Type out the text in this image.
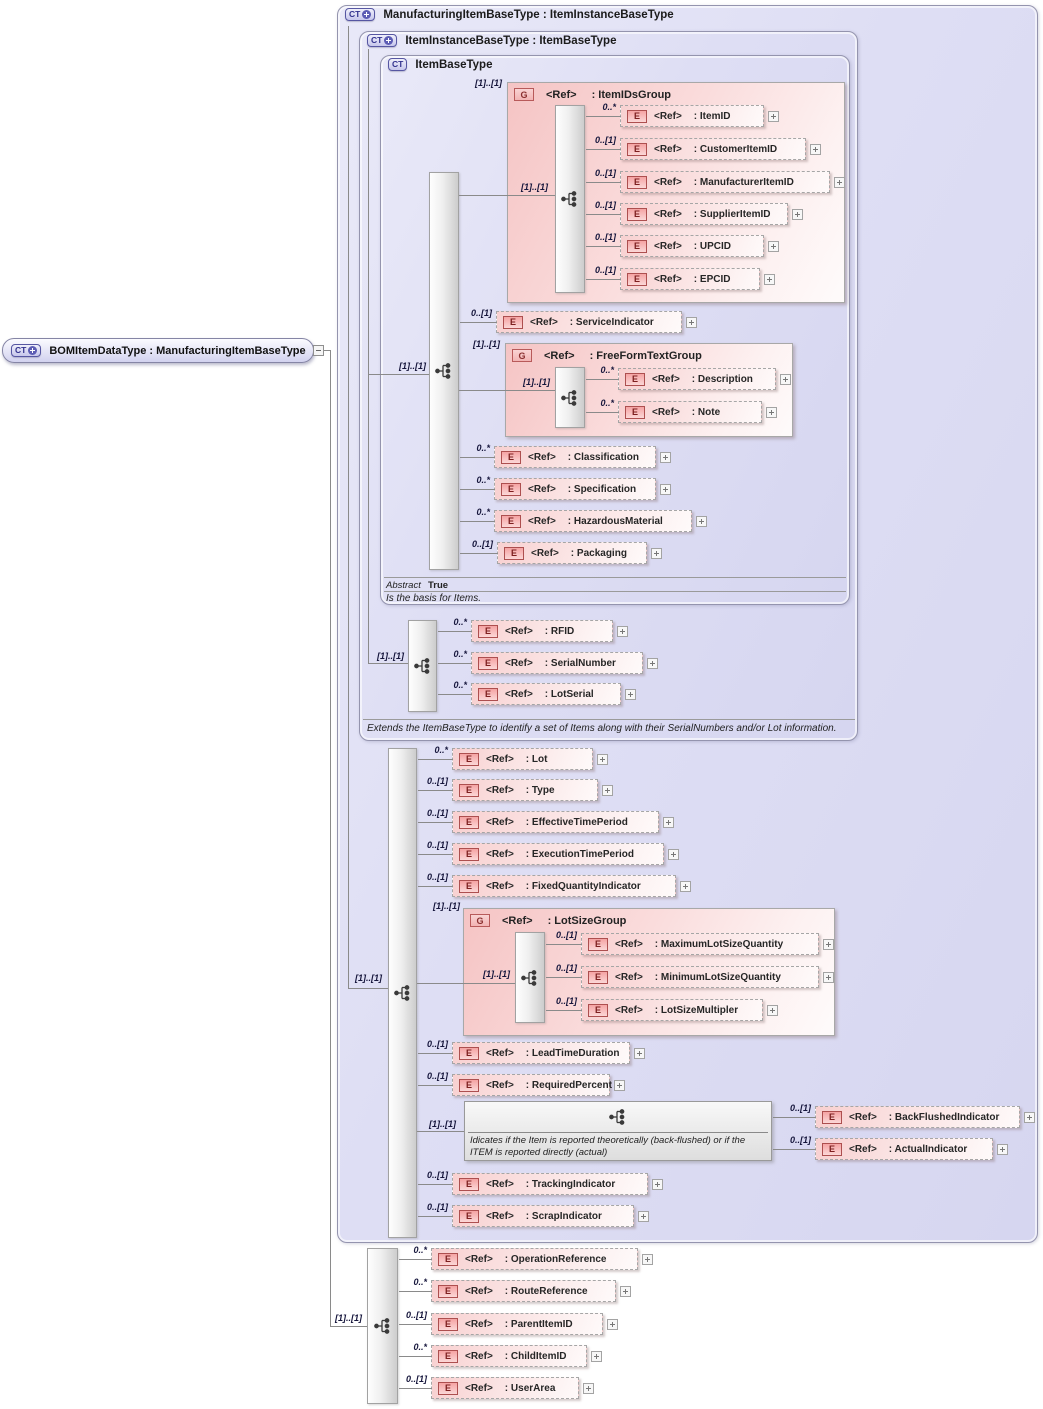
G	<Ref> : ItemIDsGroup
G	<Ref> : FreeFormTextGroup
G	<Ref> : LotSizeGroup
Idicates if the Item is reported theoretically (back-flushed) or if the ITEM is reported directly (actual)
[1]..[1]
[1]..[1]
[1]..[1]
[1]..[1]
[1]..[1]
[1]..[1]
[1]..[1]
[1]..[1]
[1]..[1]
[1]..[1]
[1]..[1]
Abstract True
Is the basis for Items.
Extends the ItemBaseType to identify a set of Items along with their SerialNumbers and/or Lot information.
0..[1]
E	<Ref> : ServiceIndicator
0..*
E	<Ref> : Classification
0..*
E	<Ref> : Specification
0..*
E	<Ref> : HazardousMaterial
0..[1]
E	<Ref> : Packaging
0..*
E	<Ref> : ItemID
0..[1]
E	<Ref> : CustomerItemID
0..[1]
E	<Ref> : ManufacturerItemID
0..[1]
E	<Ref> : SupplierItemID
0..[1]
E	<Ref> : UPCID
0..[1]
E	<Ref> : EPCID
0..*
E	<Ref> : Description
0..*
E	<Ref> : Note
0..*
E	<Ref> : RFID
0..*
E	<Ref> : SerialNumber
0..*
E	<Ref> : LotSerial
0..*
E	<Ref> : Lot
0..[1]
E	<Ref> : Type
0..[1]
E	<Ref> : EffectiveTimePeriod
0..[1]
E	<Ref> : ExecutionTimePeriod
0..[1]
E	<Ref> : FixedQuantityIndicator
0..[1]
E	<Ref> : LeadTimeDuration
0..[1]
E	<Ref> : RequiredPercent
0..[1]
E	<Ref> : TrackingIndicator
0..[1]
E	<Ref> : ScrapIndicator
0..[1]
E	<Ref> : MaximumLotSizeQuantity
0..[1]
E	<Ref> : MinimumLotSizeQuantity
0..[1]
E	<Ref> : LotSizeMultipler
0..[1]
E	<Ref> : BackFlushedIndicator
0..[1]
E	<Ref> : ActualIndicator
0..*
E	<Ref> : OperationReference
0..*
E	<Ref> : RouteReference
0..[1]
E	<Ref> : ParentItemID
0..*
E	<Ref> : ChildItemID
0..[1]
E	<Ref> : UserArea
CT ManufacturingItemBaseType : ItemInstanceBaseType
CT ItemInstanceBaseType : ItemBaseType
CT ItemBaseType
CT BOMItemDataType : ManufacturingItemBaseType
